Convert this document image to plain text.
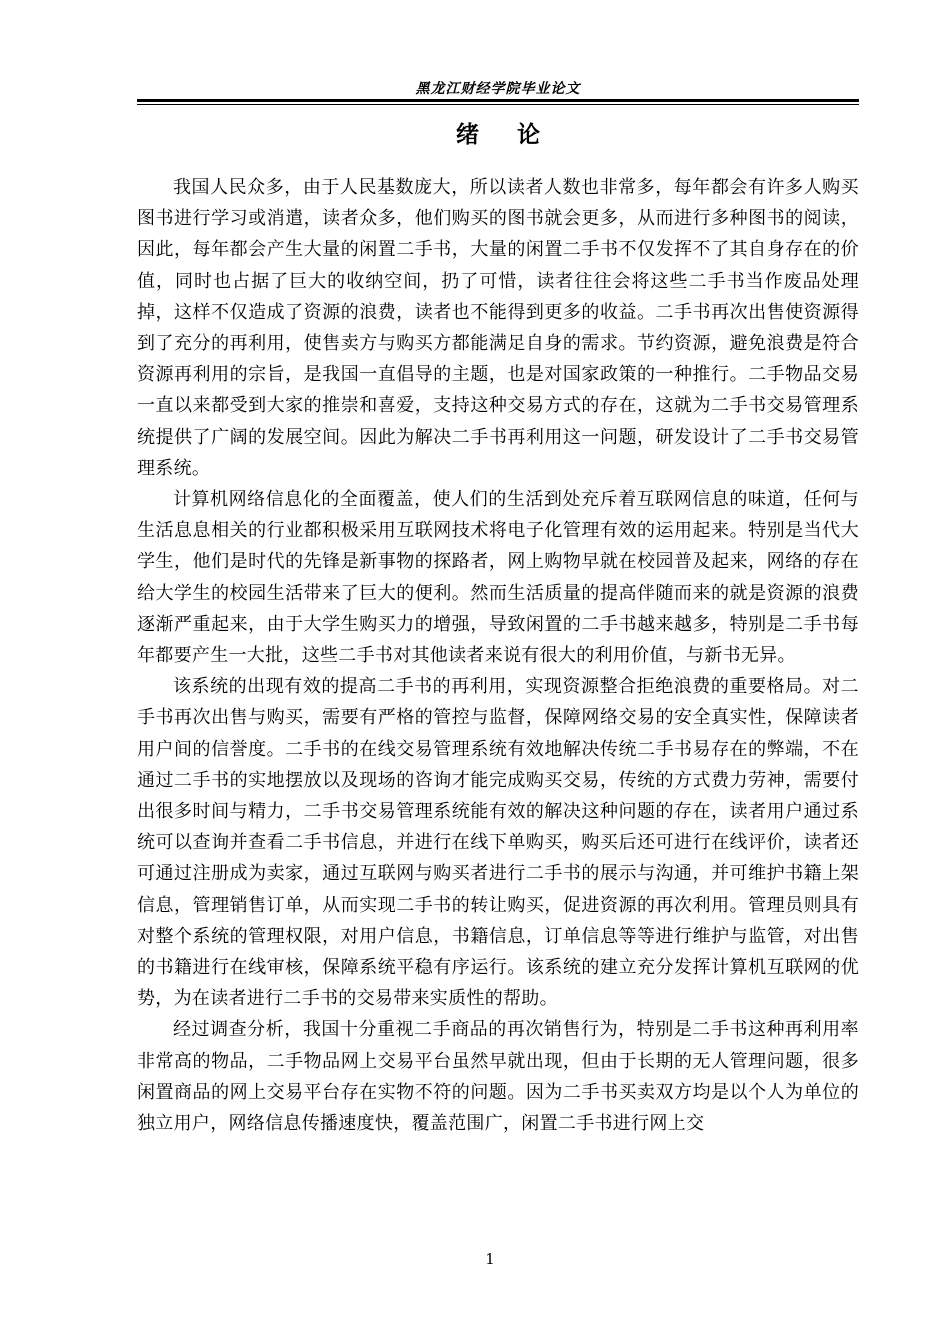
黑龙江财经学院毕业论文
绪论

我国人民众多，由于人民基数庞大，所以读者人数也非常多，每年都会有许多人购买图书进行学习或消遣，读者众多，他们购买的图书就会更多，从而进行多种图书的阅读，因此，每年都会产生大量的闲置二手书，大量的闲置二手书不仅发挥不了其自身存在的价值，同时也占据了巨大的收纳空间，扔了可惜，读者往往会将这些二手书当作废品处理掉，这样不仅造成了资源的浪费，读者也不能得到更多的收益。二手书再次出售使资源得到了充分的再利用，使售卖方与购买方都能满足自身的需求。节约资源，避免浪费是符合资源再利用的宗旨，是我国一直倡导的主题，也是对国家政策的一种推行。二手物品交易一直以来都受到大家的推崇和喜爱，支持这种交易方式的存在，这就为二手书交易管理系统提供了广阔的发展空间。因此为解决二手书再利用这一问题，研发设计了二手书交易管理系统。

计算机网络信息化的全面覆盖，使人们的生活到处充斥着互联网信息的味道，任何与生活息息相关的行业都积极采用互联网技术将电子化管理有效的运用起来。特别是当代大学生，他们是时代的先锋是新事物的探路者，网上购物早就在校园普及起来，网络的存在给大学生的校园生活带来了巨大的便利。然而生活质量的提高伴随而来的就是资源的浪费逐渐严重起来，由于大学生购买力的增强，导致闲置的二手书越来越多，特别是二手书每年都要产生一大批，这些二手书对其他读者来说有很大的利用价值，与新书无异。

该系统的出现有效的提高二手书的再利用，实现资源整合拒绝浪费的重要格局。对二手书再次出售与购买，需要有严格的管控与监督，保障网络交易的安全真实性，保障读者用户间的信誉度。二手书的在线交易管理系统有效地解决传统二手书易存在的弊端，不在通过二手书的实地摆放以及现场的咨询才能完成购买交易，传统的方式费力劳神，需要付出很多时间与精力，二手书交易管理系统能有效的解决这种问题的存在，读者用户通过系统可以查询并查看二手书信息，并进行在线下单购买，购买后还可进行在线评价，读者还可通过注册成为卖家，通过互联网与购买者进行二手书的展示与沟通，并可维护书籍上架信息，管理销售订单，从而实现二手书的转让购买，促进资源的再次利用。管理员则具有对整个系统的管理权限，对用户信息，书籍信息，订单信息等等进行维护与监管，对出售的书籍进行在线审核，保障系统平稳有序运行。该系统的建立充分发挥计算机互联网的优势，为在读者进行二手书的交易带来实质性的帮助。

经过调查分析，我国十分重视二手商品的再次销售行为，特别是二手书这种再利用率非常高的物品，二手物品网上交易平台虽然早就出现，但由于长期的无人管理问题，很多闲置商品的网上交易平台存在实物不符的问题。因为二手书买卖双方均是以个人为单位的独立用户，网络信息传播速度快，覆盖范围广，闲置二手书进行网上交

1
